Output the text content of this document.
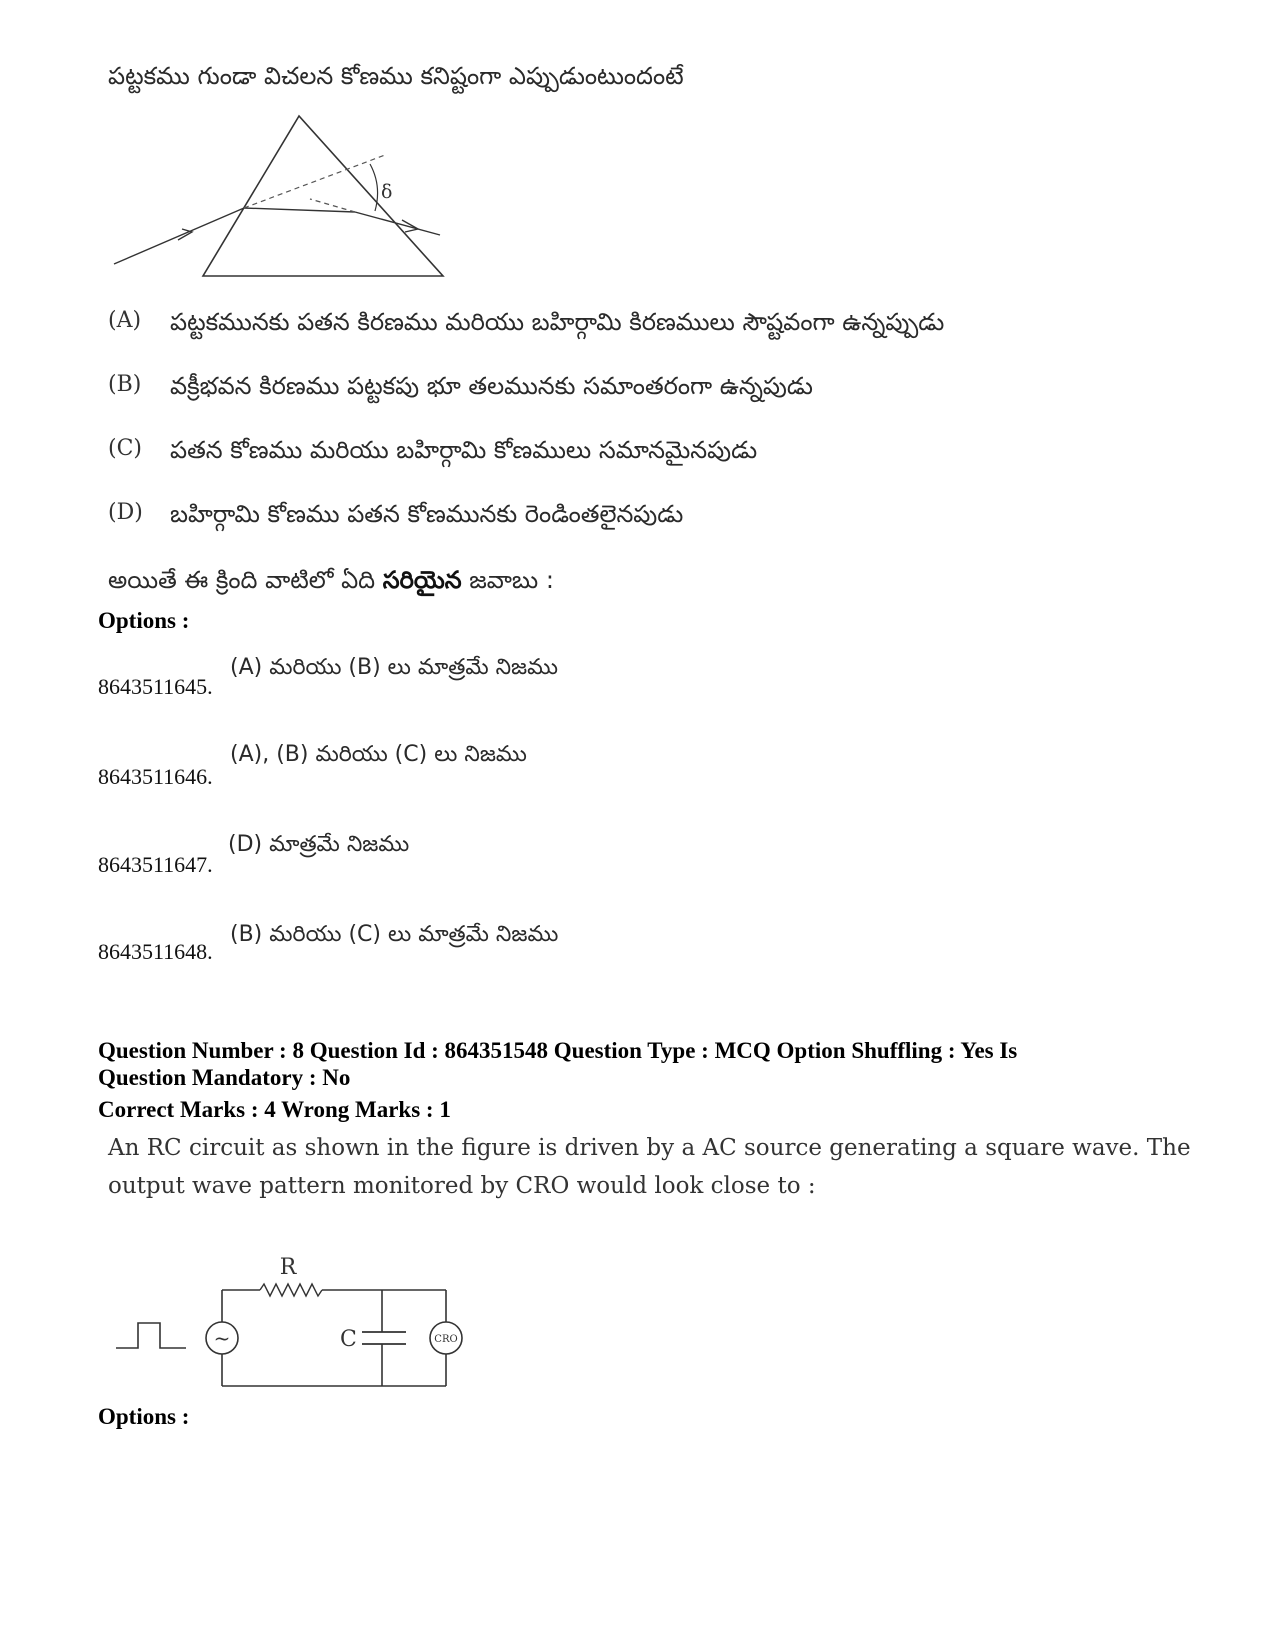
పట్టకము గుండా విచలన కోణము కనిష్టంగా ఎప్పుడుంటుందంటే
δ
(A) పట్టకమునకు పతన కిరణము మరియు బహిర్గామి కిరణములు సౌష్టవంగా ఉన్నప్పుడు
(B) వక్రీభవన కిరణము పట్టకపు భూ తలమునకు సమాంతరంగా ఉన్నపుడు
(C) పతన కోణము మరియు బహిర్గామి కోణములు సమానమైనపుడు
(D) బహిర్గామి కోణము పతన కోణమునకు రెండింతలైనపుడు
అయితే ఈ క్రింది వాటిలో ఏది సరియైన జవాబు :
Options :
8643511645.
(A) మరియు (B) లు మాత్రమే నిజము
8643511646.
(A), (B) మరియు (C) లు నిజము
8643511647.
(D) మాత్రమే నిజము
8643511648.
(B) మరియు (C) లు మాత్రమే నిజము
Question Number : 8 Question Id : 864351548 Question Type : MCQ Option Shuffling : Yes Is
Question Mandatory : No
Correct Marks : 4 Wrong Marks : 1
An RC circuit as shown in the figure is driven by a AC source generating a square wave. The
output wave pattern monitored by CRO would look close to :
~
R
C	CRO
Options :
